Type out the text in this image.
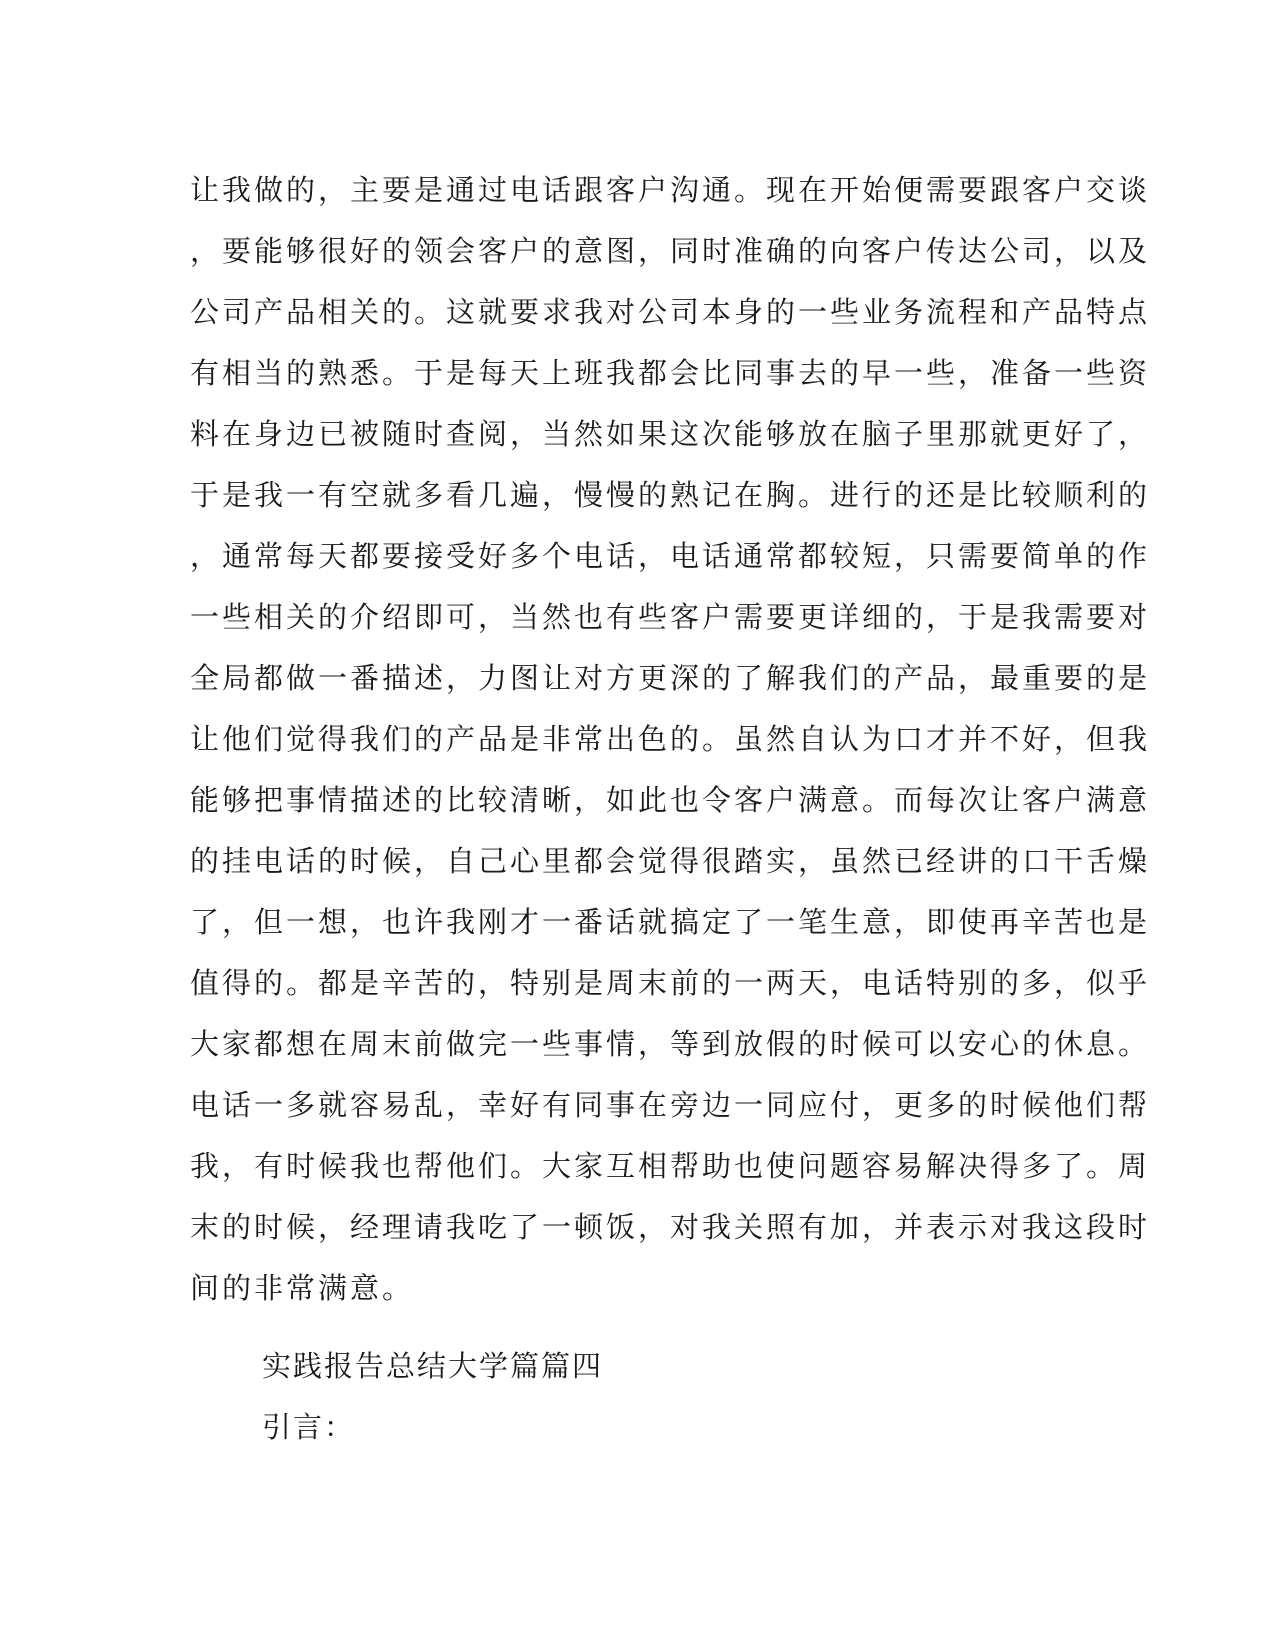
让我做的，主要是通过电话跟客户沟通。现在开始便需要跟客户交谈
，要能够很好的领会客户的意图，同时准确的向客户传达公司，以及
公司产品相关的。这就要求我对公司本身的一些业务流程和产品特点
有相当的熟悉。于是每天上班我都会比同事去的早一些，准备一些资
料在身边已被随时查阅，当然如果这次能够放在脑子里那就更好了，
于是我一有空就多看几遍，慢慢的熟记在胸。进行的还是比较顺利的
，通常每天都要接受好多个电话，电话通常都较短，只需要简单的作
一些相关的介绍即可，当然也有些客户需要更详细的，于是我需要对
全局都做一番描述，力图让对方更深的了解我们的产品，最重要的是
让他们觉得我们的产品是非常出色的。虽然自认为口才并不好，但我
能够把事情描述的比较清晰，如此也令客户满意。而每次让客户满意
的挂电话的时候，自己心里都会觉得很踏实，虽然已经讲的口干舌燥
了，但一想，也许我刚才一番话就搞定了一笔生意，即使再辛苦也是
值得的。都是辛苦的，特别是周末前的一两天，电话特别的多，似乎
大家都想在周末前做完一些事情，等到放假的时候可以安心的休息。
电话一多就容易乱，幸好有同事在旁边一同应付，更多的时候他们帮
我，有时候我也帮他们。大家互相帮助也使问题容易解决得多了。周
末的时候，经理请我吃了一顿饭，对我关照有加，并表示对我这段时
间的非常满意。

实践报告总结大学篇篇四

引言：
